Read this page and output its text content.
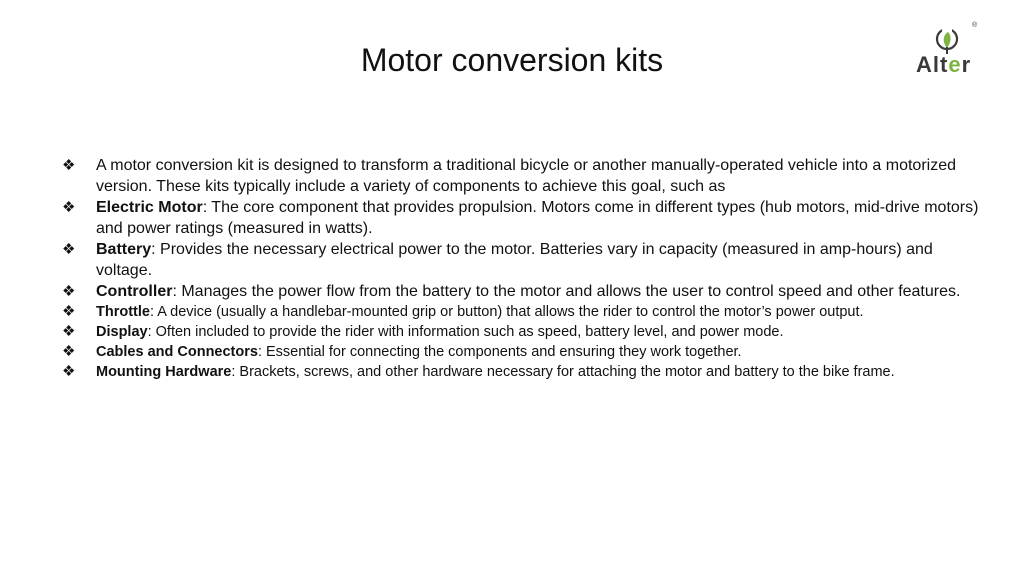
Motor conversion kits
®
Alter
❖ A motor conversion kit is designed to transform a traditional bicycle or another manually-operated vehicle into a motorized version. These kits typically include a variety of components to achieve this goal, such as
❖ Electric Motor: The core component that provides propulsion. Motors come in different types (hub motors, mid-drive motors) and power ratings (measured in watts).
❖ Battery: Provides the necessary electrical power to the motor. Batteries vary in capacity (measured in amp-hours) and voltage.
❖ Controller: Manages the power flow from the battery to the motor and allows the user to control speed and other features.
❖ Throttle: A device (usually a handlebar-mounted grip or button) that allows the rider to control the motor’s power output.
❖ Display: Often included to provide the rider with information such as speed, battery level, and power mode.
❖ Cables and Connectors: Essential for connecting the components and ensuring they work together.
❖ Mounting Hardware: Brackets, screws, and other hardware necessary for attaching the motor and battery to the bike frame.
